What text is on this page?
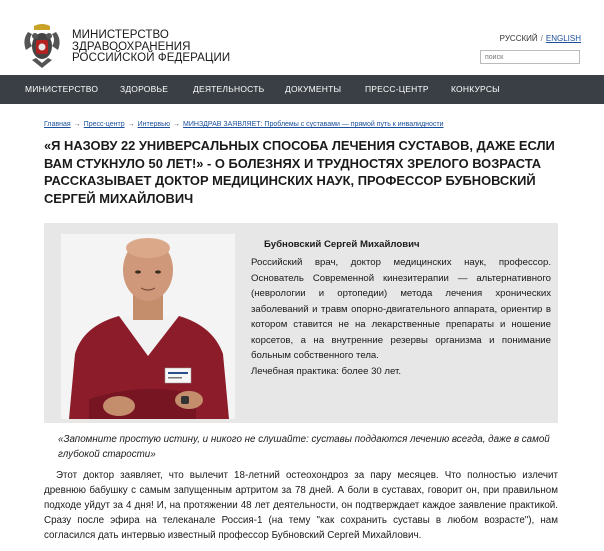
МИНИСТЕРСТВО
ЗДРАВООХРАНЕНИЯ
РОССИЙСКОЙ ФЕДЕРАЦИИ
РУССКИЙ / ENGLISH
поиск
МИНИСТЕРСТВО	ЗДОРОВЬЕ	ДЕЯТЕЛЬНОСТЬ ДОКУМЕНТЫ	ПРЕСС-ЦЕНТР	КОНКУРСЫ
Главная → Пресс-центр → Интервью → МИНЗДРАВ ЗАЯВЛЯЕТ: Проблемы с суставами — прямой путь к инвалидности
«Я НАЗОВУ 22 УНИВЕРСАЛЬНЫХ СПОСОБА ЛЕЧЕНИЯ СУСТАВОВ, ДАЖЕ ЕСЛИ ВАМ СТУКНУЛО 50 ЛЕТ!» - О БОЛЕЗНЯХ И ТРУДНОСТЯХ ЗРЕЛОГО ВОЗРАСТА РАССКАЗЫВАЕТ ДОКТОР МЕДИЦИНСКИХ НАУК, ПРОФЕССОР БУБНОВСКИЙ СЕРГЕЙ МИХАЙЛОВИЧ
Бубновский Сергей Михайлович
Российский врач, доктор медицинских наук, профессор. Основатель Современной кинезитерапии — альтернативного (неврологии и ортопедии) метода лечения хронических заболеваний и травм опорно-двигательного аппарата, ориентир в котором ставится не на лекарственные препараты и ношение корсетов, а на внутренние резервы организма и понимание больным собственного тела.
Лечебная практика: более 30 лет.

«Запомните простую истину, и никого не слушайте: суставы поддаются лечению всегда, даже в самой глубокой старости»

Этот доктор заявляет, что вылечит 18-летний остеохондроз за пару месяцев. Что полностью излечит древнюю бабушку с самым запущенным артритом за 78 дней. А боли в суставах, говорит он, при правильном подходе уйдут за 4 дня! И, на протяжении 48 лет деятельности, он подтверждает каждое заявление практикой. Сразу после эфира на телеканале Россия-1 (на тему "как сохранить суставы в любом возрасте"), нам согласился дать интервью известный профессор Бубновский Сергей Михайлович.
